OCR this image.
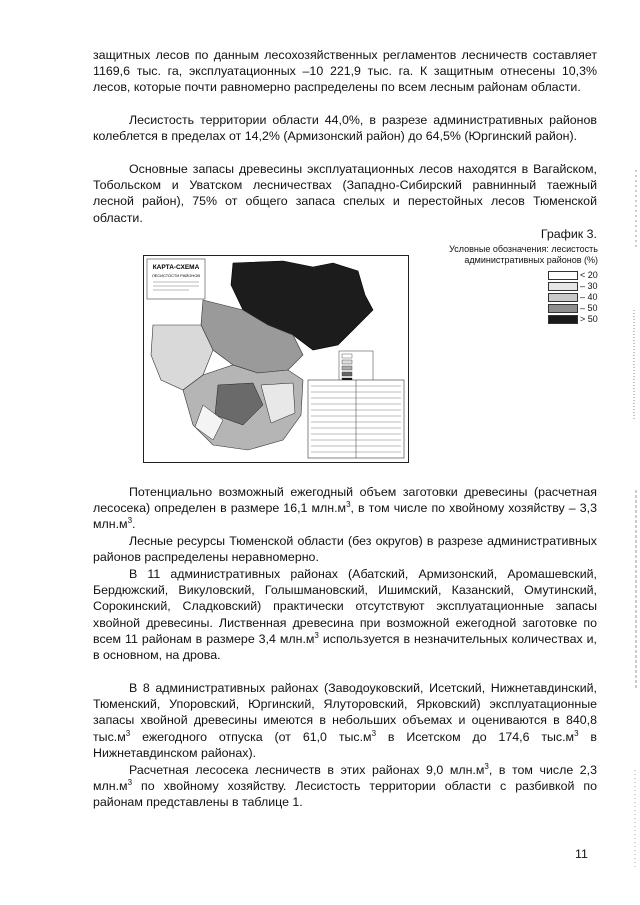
защитных лесов по данным лесохозяйственных регламентов лесничеств составляет 1169,6 тыс. га, эксплуатационных –10 221,9 тыс. га. К защитным отнесены 10,3% лесов, которые почти равномерно распределены по всем лесным районам области.

Лесистость территории области 44,0%, в разрезе административных районов колеблется в пределах от 14,2% (Армизонский район) до 64,5% (Юргинский район).

Основные запасы древесины эксплуатационных лесов находятся в Вагайском, Тобольском и Уватском лесничествах (Западно-Сибирский равнинный таежный лесной район), 75% от общего запаса спелых и перестойных лесов Тюменской области.

График 3.
Условные обозначения: лесистость административных районов (%)
< 20
– 30
– 40
– 50
> 50
КАРТА-СХЕМА
ЛЕСИСТОСТИ РАЙОНОВ

Потенциально возможный ежегодный объем заготовки древесины (расчетная лесосека) определен в размере 16,1 $млн.м^3$, в том числе по хвойному хозяйству – 3,3 $млн.м^3$.

Лесные ресурсы Тюменской области (без округов) в разрезе административных районов распределены неравномерно.

В 11 административных районах (Абатский, Армизонский, Аромашевский, Бердюжский, Викуловский, Голышмановский, Ишимский, Казанский, Омутинский, Сорокинский, Сладковский) практически отсутствуют эксплуатационные запасы хвойной древесины. Лиственная древесина при возможной ежегодной заготовке по всем 11 районам в размере 3,4 $млн.м^3$ используется в незначительных количествах и, в основном, на дрова.

В 8 административных районах (Заводоуковский, Исетский, Нижнетавдинский, Тюменский, Упоровский, Юргинский, Ялуторовский, Ярковский) эксплуатационные запасы хвойной древесины имеются в небольших объемах и оцениваются в 840,8 $тыс.м^3$ ежегодного отпуска (от 61,0 $тыс.м^3$ в Исетском до 174,6 $тыс.м^3$ в Нижнетавдинском районах).

Расчетная лесосека лесничеств в этих районах 9,0 $млн.м^3$, в том числе 2,3 $млн.м^3$ по хвойному хозяйству. Лесистость территории области с разбивкой по районам представлены в таблице 1.

11
